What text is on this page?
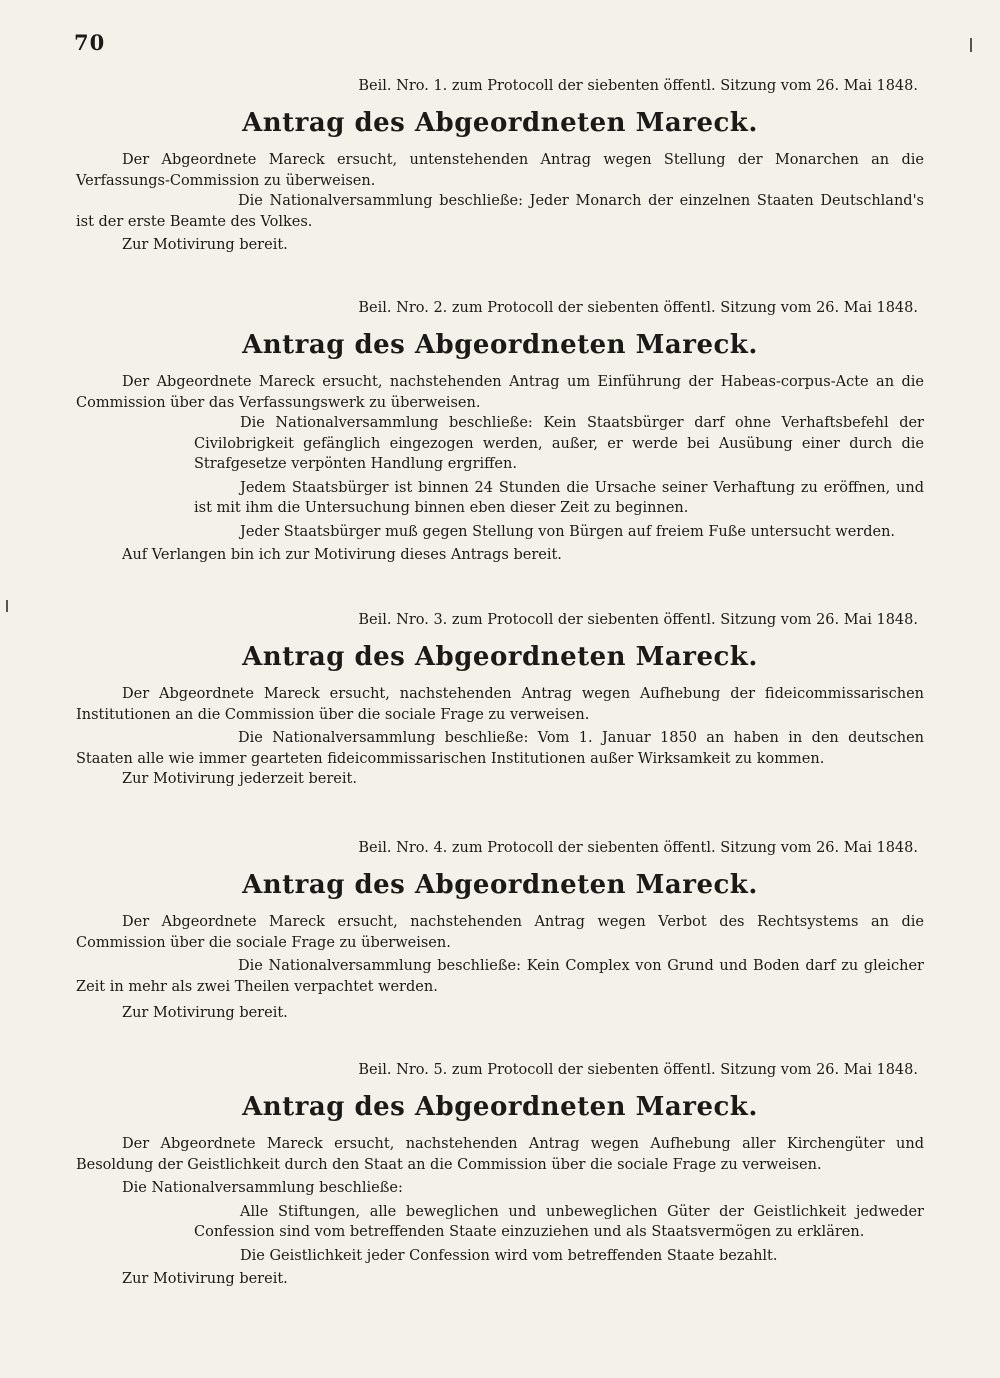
70

Beil. Nro. 1. zum Protocoll der siebenten öffentl. Sitzung vom 26. Mai 1848.

Antrag des Abgeordneten Mareck.

Der Abgeordnete Mareck ersucht, untenstehenden Antrag wegen Stellung der Monarchen an die Verfassungs-Commission zu überweisen.

Die Nationalversammlung beschließe: Jeder Monarch der einzelnen Staaten Deutschland's ist der erste Beamte des Volkes.

Zur Motivirung bereit.

Beil. Nro. 2. zum Protocoll der siebenten öffentl. Sitzung vom 26. Mai 1848.

Antrag des Abgeordneten Mareck.

Der Abgeordnete Mareck ersucht, nachstehenden Antrag um Einführung der Habeas-corpus-Acte an die Commission über das Verfassungswerk zu überweisen.

Die Nationalversammlung beschließe: Kein Staatsbürger darf ohne Verhaftsbefehl der Civilobrigkeit gefänglich eingezogen werden, außer, er werde bei Ausübung einer durch die Strafgesetze verpönten Handlung ergriffen.

Jedem Staatsbürger ist binnen 24 Stunden die Ursache seiner Verhaftung zu eröffnen, und ist mit ihm die Untersuchung binnen eben dieser Zeit zu beginnen.

Jeder Staatsbürger muß gegen Stellung von Bürgen auf freiem Fuße untersucht werden.

Auf Verlangen bin ich zur Motivirung dieses Antrags bereit.

Beil. Nro. 3. zum Protocoll der siebenten öffentl. Sitzung vom 26. Mai 1848.

Antrag des Abgeordneten Mareck.

Der Abgeordnete Mareck ersucht, nachstehenden Antrag wegen Aufhebung der fideicommissarischen Institutionen an die Commission über die sociale Frage zu verweisen.

Die Nationalversammlung beschließe: Vom 1. Januar 1850 an haben in den deutschen Staaten alle wie immer gearteten fideicommissarischen Institutionen außer Wirksamkeit zu kommen.

Zur Motivirung jederzeit bereit.

Beil. Nro. 4. zum Protocoll der siebenten öffentl. Sitzung vom 26. Mai 1848.

Antrag des Abgeordneten Mareck.

Der Abgeordnete Mareck ersucht, nachstehenden Antrag wegen Verbot des Rechtsystems an die Commission über die sociale Frage zu überweisen.

Die Nationalversammlung beschließe: Kein Complex von Grund und Boden darf zu gleicher Zeit in mehr als zwei Theilen verpachtet werden.

Zur Motivirung bereit.

Beil. Nro. 5. zum Protocoll der siebenten öffentl. Sitzung vom 26. Mai 1848.

Antrag des Abgeordneten Mareck.

Der Abgeordnete Mareck ersucht, nachstehenden Antrag wegen Aufhebung aller Kirchengüter und Besoldung der Geistlichkeit durch den Staat an die Commission über die sociale Frage zu verweisen.

Die Nationalversammlung beschließe:

Alle Stiftungen, alle beweglichen und unbeweglichen Güter der Geistlichkeit jedweder Confession sind vom betreffenden Staate einzuziehen und als Staatsvermögen zu erklären.

Die Geistlichkeit jeder Confession wird vom betreffenden Staate bezahlt.

Zur Motivirung bereit.
